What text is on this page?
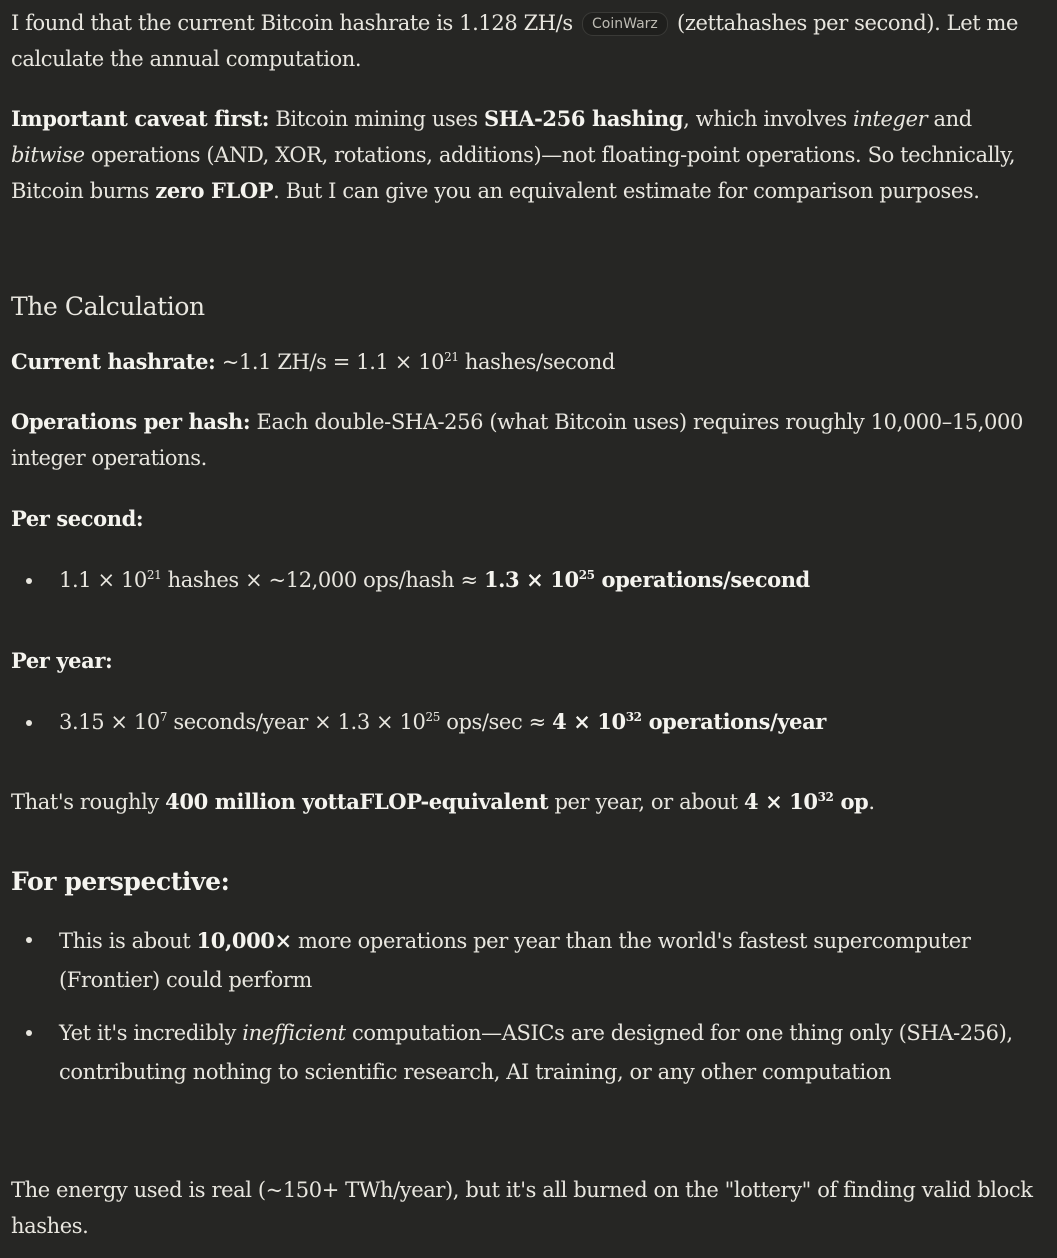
I found that the current Bitcoin hashrate is 1.128 ZH/s CoinWarz (zettahashes per second). Let me calculate the annual computation.

Important caveat first: Bitcoin mining uses SHA-256 hashing, which involves integer and bitwise operations (AND, XOR, rotations, additions)—not floating-point operations. So technically, Bitcoin burns zero FLOP. But I can give you an equivalent estimate for comparison purposes.

The Calculation

Current hashrate: ~1.1 $ZH/s = 1.1 \times 10^{21}$ hashes/second

Operations per hash: Each double-SHA-256 (what Bitcoin uses) requires roughly 10,000–15,000 integer operations.

Per second:

$1.1 \times 10^{21}$ hashes × ~12,000 ops/hash ≈ $1.3 \times 10^{25}$ operations/second

Per year:

$3.15 \times 10^7$ seconds/year × $1.3 \times 10^{25}$ $ops/\sec \approx 4 \times 10^{32}$ operations/year

That's roughly 400 million yottaFLOP-equivalent per year, or about $4 \times 10^{32}$ op.

For perspective:

This is about 10,000× more operations per year than the world's fastest supercomputer (Frontier) could perform
Yet it's incredibly inefficient computation—ASICs are designed for one thing only (SHA-256), contributing nothing to scientific research, AI training, or any other computation

The energy used is real (~150+ TWh/year), but it's all burned on the "lottery" of finding valid block hashes.
